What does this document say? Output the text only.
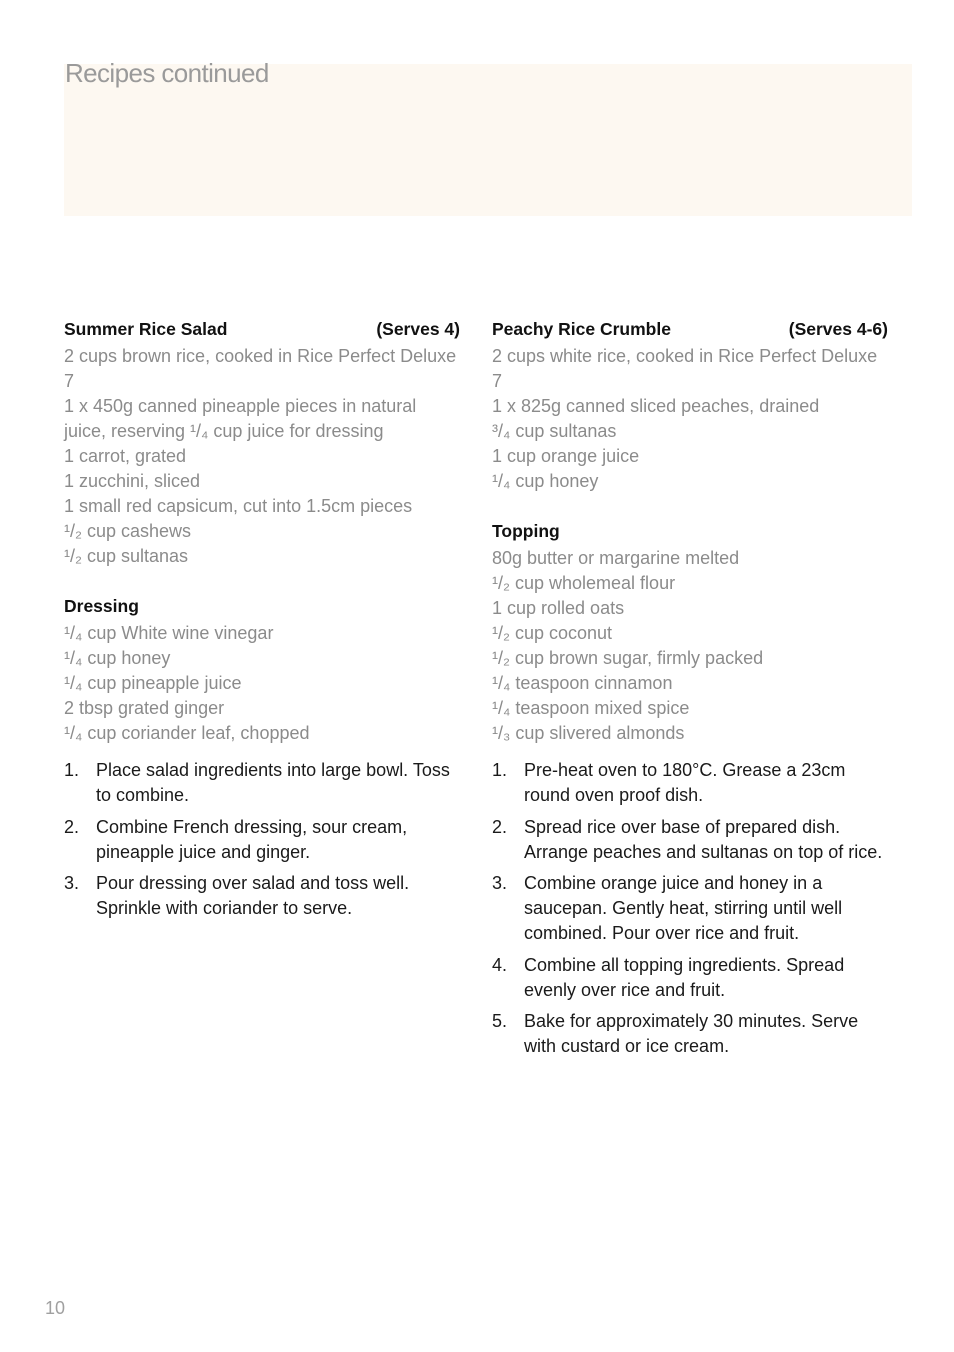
Recipes continued
Summer Rice Salad	(Serves 4)
2 cups brown rice, cooked in Rice Perfect Deluxe 7
1 x 450g canned pineapple pieces in natural juice, reserving ¹/₄ cup juice for dressing
1 carrot, grated
1 zucchini, sliced
1 small red capsicum, cut into 1.5cm pieces
¹/₂ cup cashews
¹/₂ cup sultanas
Dressing
¹/₄ cup White wine vinegar
¹/₄ cup honey
¹/₄ cup pineapple juice
2 tbsp grated ginger
¹/₄ cup coriander leaf, chopped
1. Place salad ingredients into large bowl. Toss to combine.
2. Combine French dressing, sour cream, pineapple juice and ginger.
3. Pour dressing over salad and toss well. Sprinkle with coriander to serve.
Peachy Rice Crumble	(Serves 4-6)
2 cups white rice, cooked in Rice Perfect Deluxe 7
1 x 825g canned sliced peaches, drained
³/₄ cup sultanas
1 cup orange juice
¹/₄ cup honey
Topping
80g butter or margarine melted
¹/₂ cup wholemeal flour
1 cup rolled oats
¹/₂ cup coconut
¹/₂ cup brown sugar, firmly packed
¹/₄ teaspoon cinnamon
¹/₄ teaspoon mixed spice
¹/₃ cup slivered almonds
1. Pre-heat oven to 180°C. Grease a 23cm round oven proof dish.
2. Spread rice over base of prepared dish. Arrange peaches and sultanas on top of rice.
3. Combine orange juice and honey in a saucepan. Gently heat, stirring until well combined. Pour over rice and fruit.
4. Combine all topping ingredients. Spread evenly over rice and fruit.
5. Bake for approximately 30 minutes. Serve with custard or ice cream.
10
